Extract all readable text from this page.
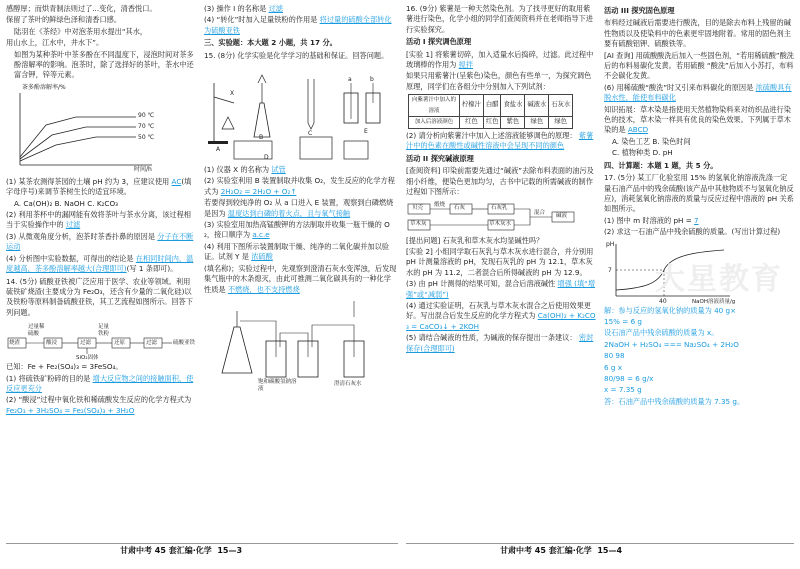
感醇厚；而烘青制法则过了...变化，清香悦口。

保留了茶叶的鲜绿色泽和清香口感。

陆羽在《茶经》中对泡茶用水提出“其水，

用山水上，江水中，井水下”。

如图为某种茶叶中茶多酚在不同温度下，浸泡时间对茶多酚溶解率的影响。泡茶时，除了选择好的茶叶，茶水中还富含钾，锌等元素。

茶多酚溶解率/%
90 ℃
70 ℃
50 ℃
时间/h

(1) 某茶农测得茶园的土壤 pH 约为 3，应建议使用 AC(填字母序号)来调节茶树生长的适宜环境。

A. Ca(OH)₂ B. NaOH C. K₂CO₃

(2) 利用茶杯中的漏网能有效将茶叶与茶水分离，该过程相当于实验操作中的 过滤

(3) 从微观角度分析，泡茶时茶香扑鼻的原因是 分子在不断运动

(4) 分析图中实验数据，可得出的结论是 在相同时间内，温度越高，茶多酚溶解率越大(合理即可)(写 1 条即可)。

14. (5分) 硫酸亚铁被广泛应用于医学、农业等领域。利用硫铁矿烧渣(主要成分为 Fe₂O₃，还含有少量的二氧化硅)以及铁粉等原料制备硫酸亚铁，其工艺流程如图所示。回答下列问题。

烧渣
过量稀硫酸
酸浸	过滤
足量铁粉
还原	过滤	硫酸亚铁
SiO₂固体

已知：Fe + Fe₂(SO₄)₃ = 3FeSO₄。

(1) 将硫铁矿粉碎的目的是 增大反应物之间的接触面积，使反应更充分

(2) “酸浸”过程中氧化铁和稀硫酸发生反应的化学方程式为 Fe₂O₃ + 3H₂SO₄ = Fe₂(SO₄)₃ + 3H₂O

(3) 操作 I 的名称是 过滤

(4) “转化”时加入足量铁粉的作用是 将过量的硫酸全部转化为硫酸亚铁

三、实验题：本大题 2 小题，共 17 分。

15. (8分) 化学实验是化学学习的基础和保证。回答问题。

X
A
B
C
D
E
a	b

(1) 仪器 X 的名称为 试管

(2) 实验室利用 B 装置制取并收集 O₂，发生反应的化学方程式为 2H₂O₂ = 2H₂O + O₂↑

若要得到较纯净的 O₂ 从 a 口进入 E 装置，观察到白磷燃烧是因为 温度达到白磷的着火点，且与氧气接触

(3) 实验室用加热高锰酸钾的方法制取并收集一瓶干燥的 O₂，接口顺序为 a.c.e

(4) 利用下图所示装置制取干燥、纯净的二氧化碳并加以验证。试剂 Y 是 浓硫酸

(填名称)；实验过程中，先观察到澄清石灰水变浑浊，后发现集气瓶中的木条熄灭，由此可推测二氧化碳具有的一种化学性质是 不燃烧，也不支持燃烧

饱和碳酸氢钠溶液
澄清石灰水

16. (9分) 紫薯是一种天然染色剂。为了找寻更好的取用紫薯进行染色，化学小组的同学们查阅资料并在老师指导下进行实验探究。

活动 I 探究调色原理

[实验 1] 将紫薯切碎，加入适量水后捣碎，过滤。此过程中玻璃棒的作用为 搅拌

如果只用紫薯汁(呈紫色)染色，颜色有些单一，为探究调色原理，同学们在各组分中分别加入下列试剂：

向紫薯汁中加入的溶液	柠檬汁	白醋	食盐水	碱液水	石灰水
加入后溶液颜色	红色	红色	紫色	绿色	绿色

(2) 请分析向紫薯汁中加入上述溶液能够调色的原理： 紫薯汁中的色素在酸性或碱性溶液中会呈现不同的颜色

活动 II 探究碱液原理

[查阅资料] 印染前需要先通过“碱液”去除布料表面的油污及细小纤维，便染色更加均匀，古书中记载的所需碱液的制作过程如下图所示：

贝壳 煅烧 石灰	石灰乳
草木灰	草木灰水
混合 碱液

[提出问题] 石灰乳和草木灰水均显碱性吗？

[实验 2] 小组同学取石灰乳与草木灰水进行混合，并分别用 pH 计测量溶液的 pH，发现石灰乳的 pH 为 12.1，草木灰水的 pH 为 11.2，二者混合后所得碱液的 pH 为 12.9。

(3) 由 pH 计测得的结果可知，混合后溶液碱性 增强 (填“增强”或“减弱”)

(4) 通过实验证明，石灰乳与草木灰水混合之后使用效果更好。写出混合后发生反应的化学方程式为 Ca(OH)₂ + K₂CO₃ = CaCO₃↓ + 2KOH

(5) 请结合碱液的性质，为碱液的保存提出一条建议： 密封保存(合理即可)

活动 III 探究固色原理

布料经过碱液后需要进行酸洗，目的是除去布料上残留的碱性物质以及使染料中的色素更牢固地附着。常用的固色剂主要有硫酸铝钾、硫酸铁等。

[AI 查询] 用硫酸酸洗后加入一些固色剂，“若用稀硫酸”酸洗后的布料易碳化发黄。若用硫酸 “酸洗”后加入小苏打，布料不会碳化发黄。

(6) 用稀硫酸“酸洗”时又引来布料碳化的原因是 浓硫酸具有脱水性，能使布料碳化

知识拓展：草木染是指使用天然植物染料来对纺织品进行染色的技术，草木染一样具有优良的染色效果。下列属于草木染的是 ABCD

A. 染色工艺 B. 染色时间

C. 植物种类 D. pH

四、计算题：本题 1 题，共 5 分。

17. (5分) 某工厂化验室用 15% 的氢氧化钠溶液洗涤一定量石油产品中的残余硫酸(该产品中其他物质不与氢氧化钠反应)，消耗氢氧化钠溶液的质量与反应过程中溶液的 pH 关系如图所示。

(1) 图中 m 时溶液的 pH = 7

(2) 求这一石油产品中残余硫酸的质量。(写出计算过程)

pH
7
40	NaOH溶液质量/g

解：参与反应的氢氧化钠的质量为 40 g×

15% = 6 g

设石油产品中残余硫酸的质量为 x。

2NaOH + H₂SO₄ === Na₂SO₄ + 2H₂O

80 98

6 g x

80/98 = 6 g/x

x = 7.35 g

答：石油产品中残余硫酸的质量为 7.35 g。

大星教育
甘肃中考 45 套汇编·化学 15—3	甘肃中考 45 套汇编·化学 15—4
